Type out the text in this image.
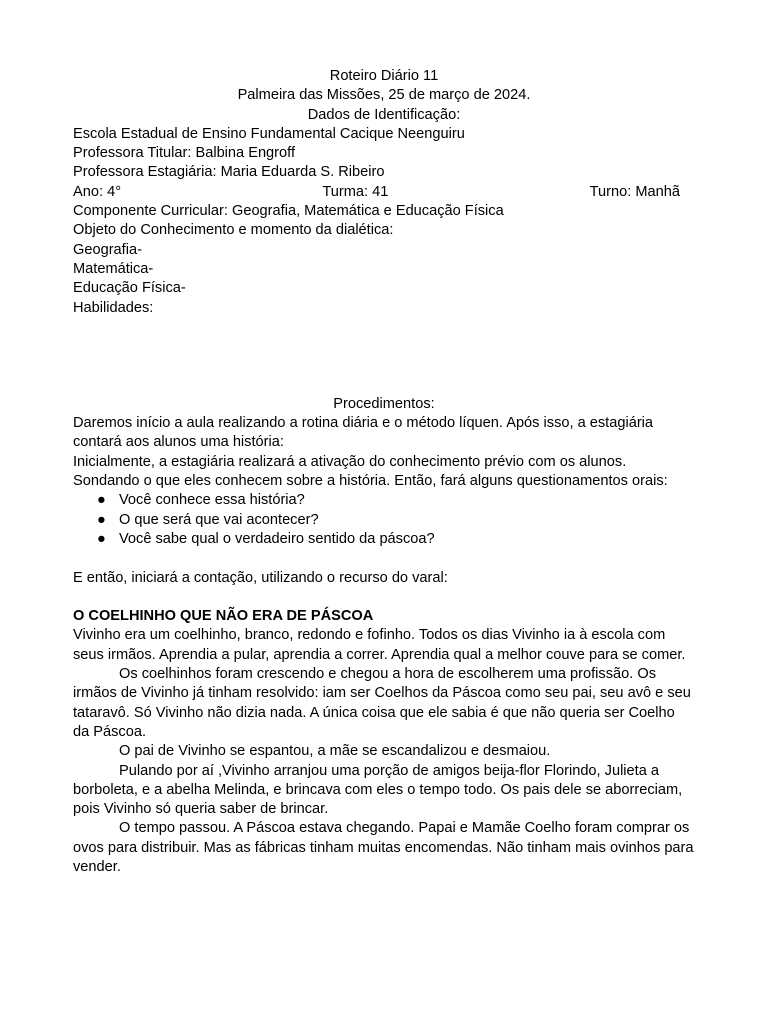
Roteiro Diário 11

Palmeira das Missões, 25 de março de 2024.

Dados de Identificação:

Escola Estadual de Ensino Fundamental Cacique Neenguiru

Professora Titular: Balbina Engroff

Professora Estagiária: Maria Eduarda S. Ribeiro

Ano: 4°	Turma: 41	Turno: Manhã

Componente Curricular: Geografia, Matemática e Educação Física

Objeto do Conhecimento e momento da dialética:

Geografia-

Matemática-

Educação Física-

Habilidades:

Procedimentos:

Daremos início a aula realizando a rotina diária e o método líquen. Após isso, a estagiária contará aos alunos uma história:

Inicialmente, a estagiária realizará a ativação do conhecimento prévio com os alunos. Sondando o que eles conhecem sobre a história. Então, fará alguns questionamentos orais:

● Você conhece essa história?
● O que será que vai acontecer?
● Você sabe qual o verdadeiro sentido da páscoa?

E então, iniciará a contação, utilizando o recurso do varal:

O COELHINHO QUE NÃO ERA DE PÁSCOA

Vivinho era um coelhinho, branco, redondo e fofinho. Todos os dias Vivinho ia à escola com seus irmãos. Aprendia a pular, aprendia a correr. Aprendia qual a melhor couve para se comer.

Os coelhinhos foram crescendo e chegou a hora de escolherem uma profissão. Os irmãos de Vivinho já tinham resolvido: iam ser Coelhos da Páscoa como seu pai, seu avô e seu tataravô. Só Vivinho não dizia nada. A única coisa que ele sabia é que não queria ser Coelho da Páscoa.

O pai de Vivinho se espantou, a mãe se escandalizou e desmaiou.

Pulando por aí ,Vivinho arranjou uma porção de amigos beija-flor Florindo, Julieta a borboleta, e a abelha Melinda, e brincava com eles o tempo todo. Os pais dele se aborreciam, pois Vivinho só queria saber de brincar.

O tempo passou. A Páscoa estava chegando. Papai e Mamãe Coelho foram comprar os ovos para distribuir. Mas as fábricas tinham muitas encomendas. Não tinham mais ovinhos para vender.
